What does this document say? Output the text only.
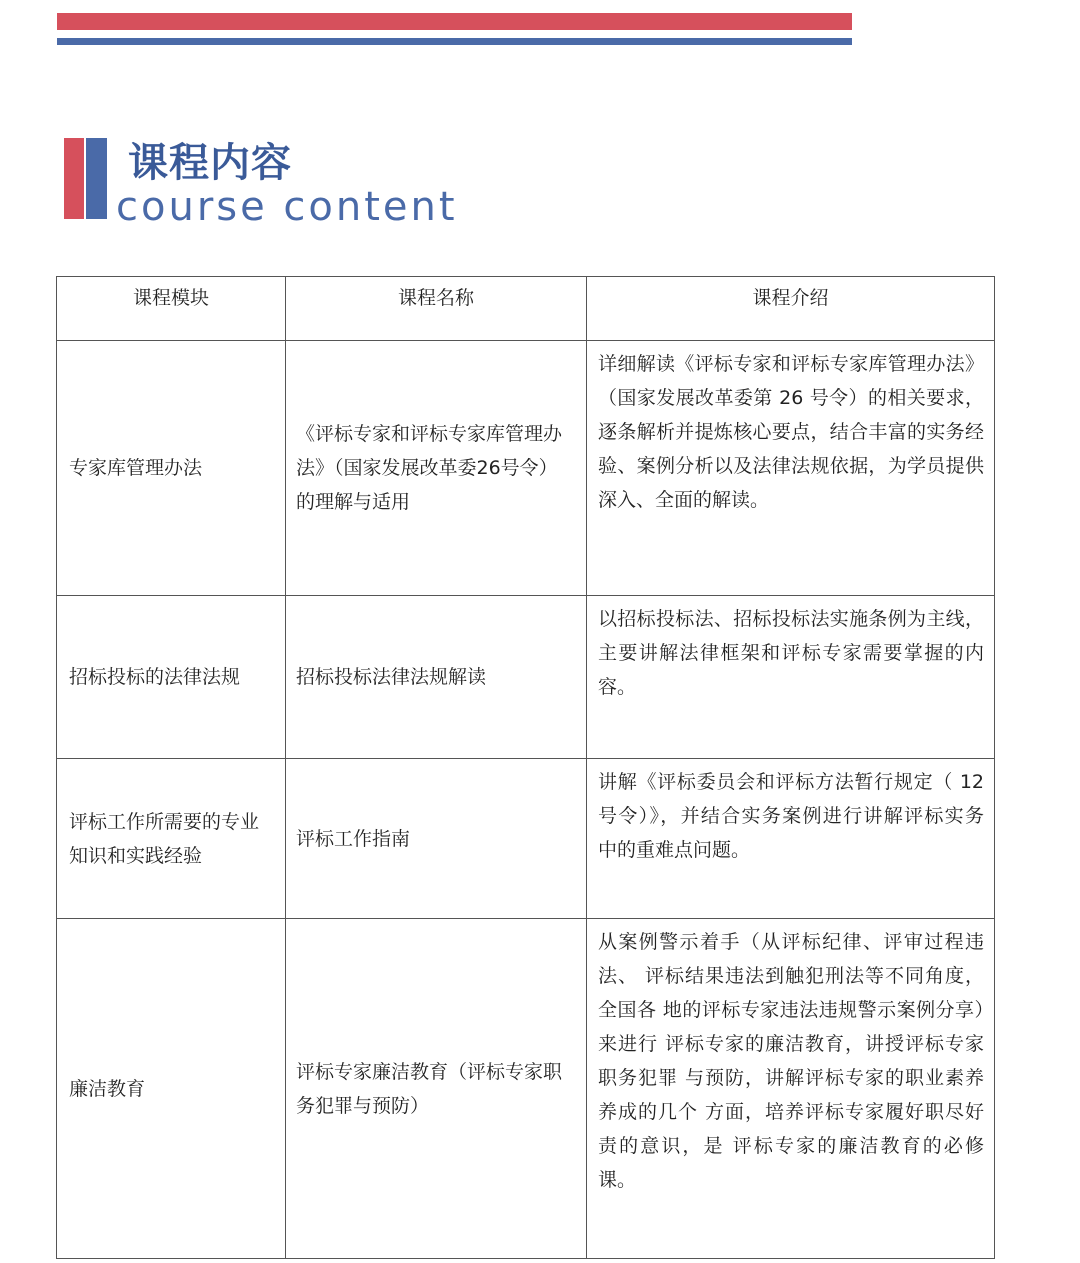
课程内容
course content
课程模块	课程名称	课程介绍
专家库管理办法	《评标专家和评标专家库管理办 法》（国家发展改革委26号令） 的理解与适用	详细解读《评标专家和评标专家库管理办法》 （国家发展改革委第 26 号令）的相关要求， 逐条解析并提炼核心要点，结合丰富的实务经 验、案例分析以及法律法规依据，为学员提供 深入、全面的解读。
招标投标的法律法规	招标投标法律法规解读	以招标投标法、招标投标法实施条例为主线， 主要讲解法律框架和评标专家需要掌握的内 容。
评标工作所需要的专业 知识和实践经验	评标工作指南	讲解《评标委员会和评标方法暂行规定（ 12 号令）》，并结合实务案例进行讲解评标实务 中的重难点问题。
廉洁教育	评标专家廉洁教育（评标专家职 务犯罪与预防）	从案例警示着手（从评标纪律、评审过程违法、 评标结果违法到触犯刑法等不同角度，全国各 地的评标专家违法违规警示案例分享）来进行 评标专家的廉洁教育，讲授评标专家职务犯罪 与预防，讲解评标专家的职业素养养成的几个 方面，培养评标专家履好职尽好责的意识，是 评标专家的廉洁教育的必修课。
